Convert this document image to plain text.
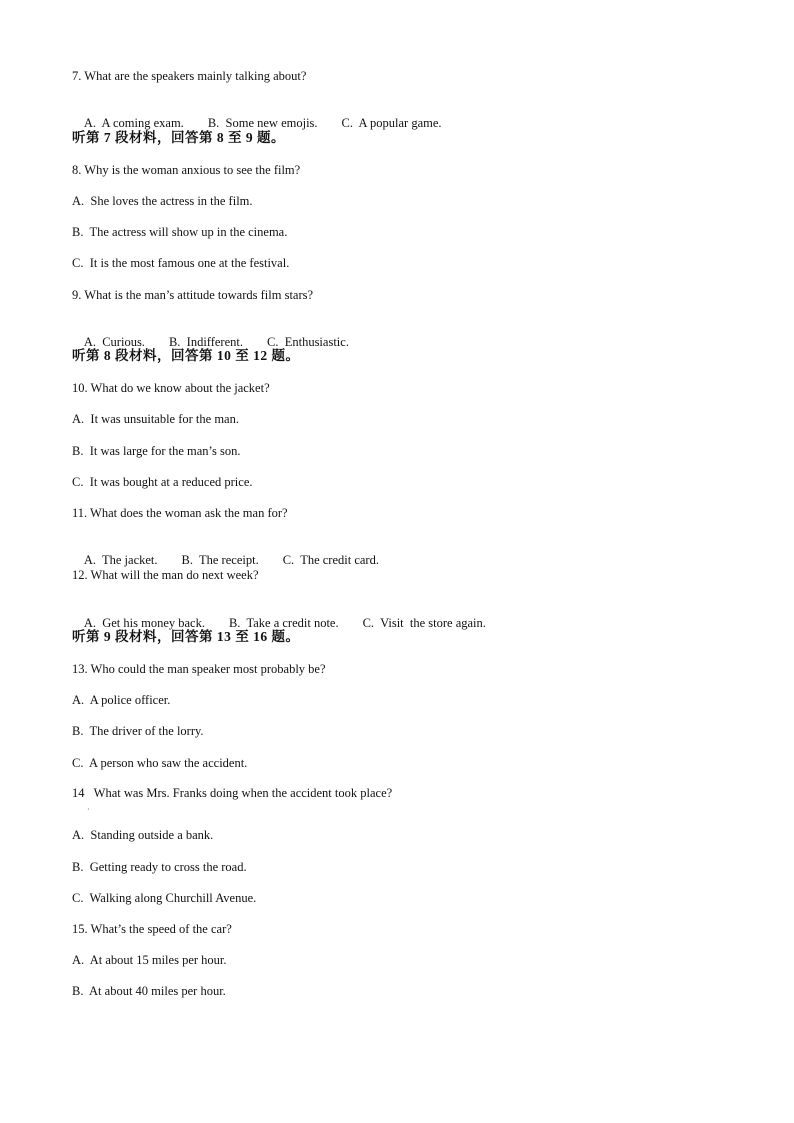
7. What are the speakers mainly talking about?

A.  A coming exam. B.  Some new emojis. C.  A popular game.

听第 7 段材料，回答第 8 至 9 题。
8. Why is the woman anxious to see the film?
A.  She loves the actress in the film.
B.  The actress will show up in the cinema.
C.  It is the most famous one at the festival.
9. What is the man’s attitude towards film stars?

A.  Curious. B.  Indifferent. C.  Enthusiastic.

听第 8 段材料，回答第 10 至 12 题。
10. What do we know about the jacket?
A.  It was unsuitable for the man.
B.  It was large for the man’s son.
C.  It was bought at a reduced price.
11. What does the woman ask the man for?

A.  The jacket. B.  The receipt. C.  The credit card.

12. What will the man do next week?

A.  Get his money back. B.  Take a credit note. C.  Visit  the store again.

听第 9 段材料，回答第 13 至 16 题。
13. Who could the man speaker most probably be?
A.  A police officer.
B.  The driver of the lorry.
C.  A person who saw the accident.
14   What was Mrs. Franks doing when the accident took place?
·
A.  Standing outside a bank.
B.  Getting ready to cross the road.
C.  Walking along Churchill Avenue.
15. What’s the speed of the car?
A.  At about 15 miles per hour.
B.  At about 40 miles per hour.
